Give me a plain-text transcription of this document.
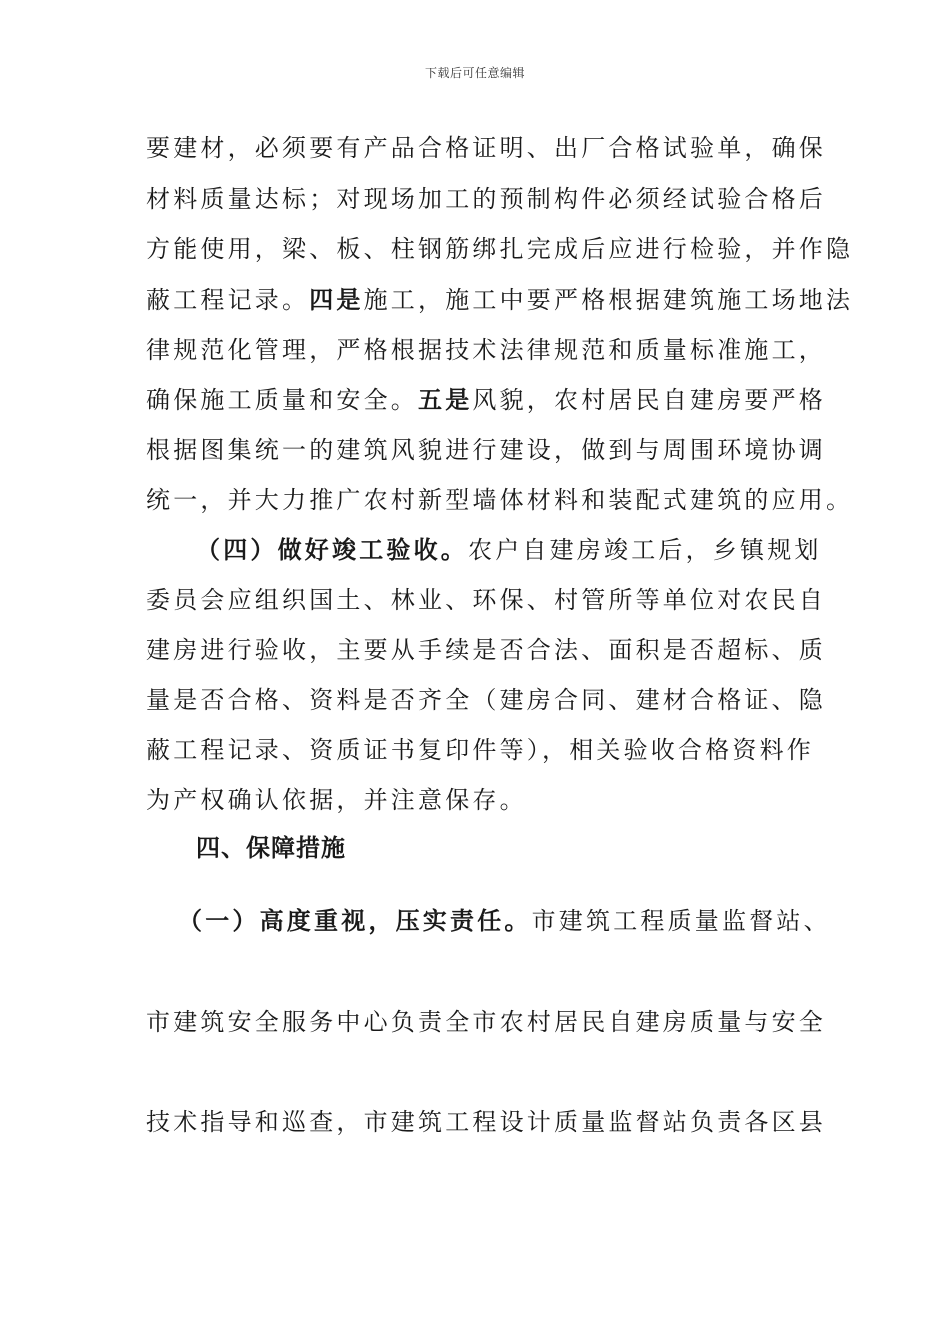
下载后可任意编辑
要建材，必须要有产品合格证明、出厂合格试验单，确保
材料质量达标；对现场加工的预制构件必须经试验合格后
方能使用，梁、板、柱钢筋绑扎完成后应进行检验，并作隐
蔽工程记录。四是施工，施工中要严格根据建筑施工场地法
律规范化管理，严格根据技术法律规范和质量标准施工，
确保施工质量和安全。五是风貌，农村居民自建房要严格
根据图集统一的建筑风貌进行建设，做到与周围环境协调
统一，并大力推广农村新型墙体材料和装配式建筑的应用。
（四）做好竣工验收。农户自建房竣工后，乡镇规划
委员会应组织国土、林业、环保、村管所等单位对农民自
建房进行验收，主要从手续是否合法、面积是否超标、质
量是否合格、资料是否齐全（建房合同、建材合格证、隐
蔽工程记录、资质证书复印件等），相关验收合格资料作
为产权确认依据，并注意保存。
四、保障措施
（一）高度重视，压实责任。市建筑工程质量监督站、
市建筑安全服务中心负责全市农村居民自建房质量与安全
技术指导和巡查，市建筑工程设计质量监督站负责各区县
